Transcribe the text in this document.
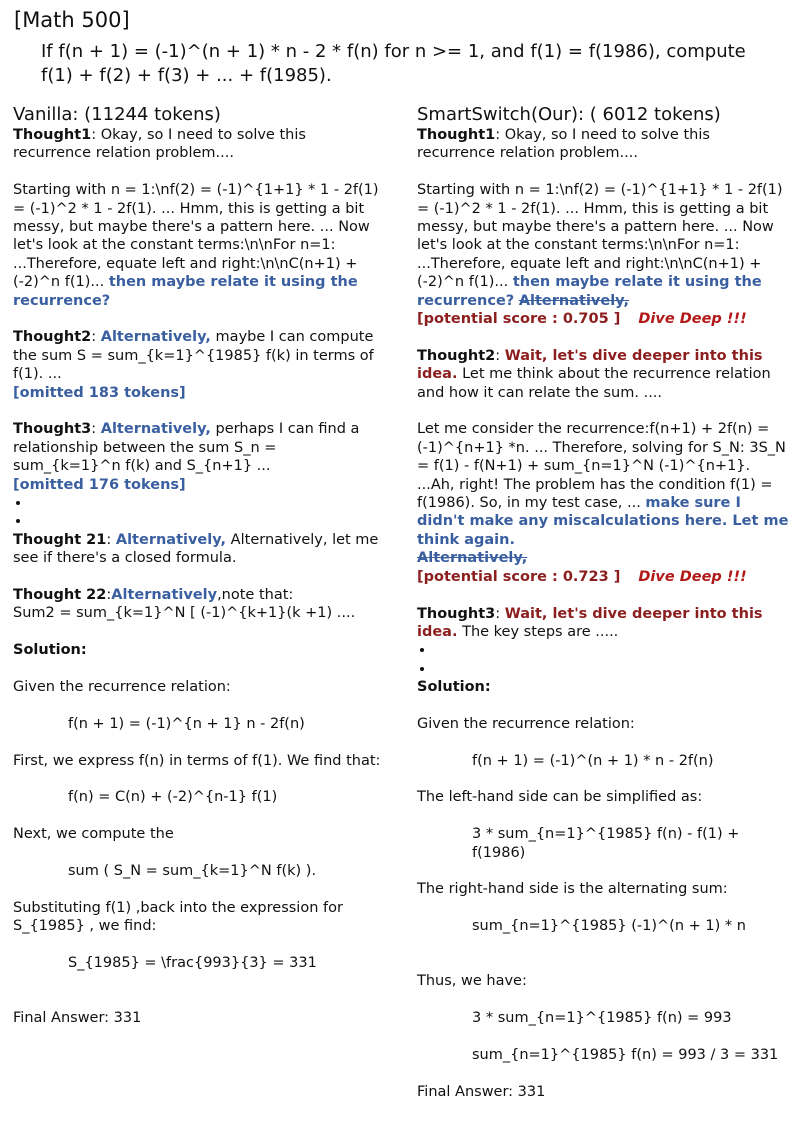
[Math 500]
If f(n + 1) = (-1)^(n + 1) * n - 2 * f(n) for n >= 1, and f(1) = f(1986), compute f(1) + f(2) + f(3) + ... + f(1985).
Vanilla: (11244 tokens)

Thought1: Okay, so I need to solve this recurrence relation problem....

Starting with n = 1:\nf(2) = (-1)^{1+1} * 1 - 2f(1) = (-1)^2 * 1 - 2f(1). ... Hmm, this is getting a bit messy, but maybe there's a pattern here. ... Now let's look at the constant terms:\n\nFor n=1: ...Therefore, equate left and right:\n\nC(n+1) + (-2)^n f(1)... then maybe relate it using the recurrence?

Thought2: Alternatively, maybe I can compute the sum S = sum_{k=1}^{1985} f(k) in terms of f(1). ...
[omitted 183 tokens]

Thought3: Alternatively, perhaps I can find a relationship between the sum S_n = sum_{k=1}^n f(k) and S_{n+1} ...
[omitted 176 tokens]

•
•

Thought 21: Alternatively, Alternatively, let me see if there's a closed formula.

Thought 22:Alternatively,note that:
Sum2 = sum_{k=1}^N [ (-1)^{k+1}(k +1) ....

Solution:

Given the recurrence relation:

f(n + 1) = (-1)^{n + 1} n - 2f(n)

First, we express f(n) in terms of f(1). We find that:

f(n) = C(n) + (-2)^{n-1} f(1)

Next, we compute the

sum ( S_N = sum_{k=1}^N f(k) ).

Substituting f(1) ,back into the expression for S_{1985} , we find:

S_{1985} = \frac{993}{3} = 331

Final Answer: 331

SmartSwitch(Our): ( 6012 tokens)

Thought1: Okay, so I need to solve this recurrence relation problem....

Starting with n = 1:\nf(2) = (-1)^{1+1} * 1 - 2f(1) = (-1)^2 * 1 - 2f(1). ... Hmm, this is getting a bit messy, but maybe there's a pattern here. ... Now let's look at the constant terms:\n\nFor n=1: ...Therefore, equate left and right:\n\nC(n+1) + (-2)^n f(1)... then maybe relate it using the recurrence? Alternatively,
[potential score : 0.705 ] Dive Deep !!!

Thought2: Wait, let's dive deeper into this idea. Let me think about the recurrence relation and how it can relate the sum. ....

Let me consider the recurrence:f(n+1) + 2f(n) = (-1)^{n+1} *n. ... Therefore, solving for S_N: 3S_N = f(1) - f(N+1) + sum_{n=1}^N (-1)^{n+1}. ...Ah, right! The problem has the condition f(1) = f(1986). So, in my test case, ... make sure I didn't make any miscalculations here. Let me think again.
Alternatively,
[potential score : 0.723 ] Dive Deep !!!

Thought3: Wait, let's dive deeper into this idea. The key steps are .....

•
•

Solution:

Given the recurrence relation:

f(n + 1) = (-1)^(n + 1) * n - 2f(n)

The left-hand side can be simplified as:

3 * sum_{n=1}^{1985} f(n) - f(1) + f(1986)

The right-hand side is the alternating sum:

sum_{n=1}^{1985} (-1)^(n + 1) * n

Thus, we have:

3 * sum_{n=1}^{1985} f(n) = 993

sum_{n=1}^{1985} f(n) = 993 / 3 = 331

Final Answer: 331
